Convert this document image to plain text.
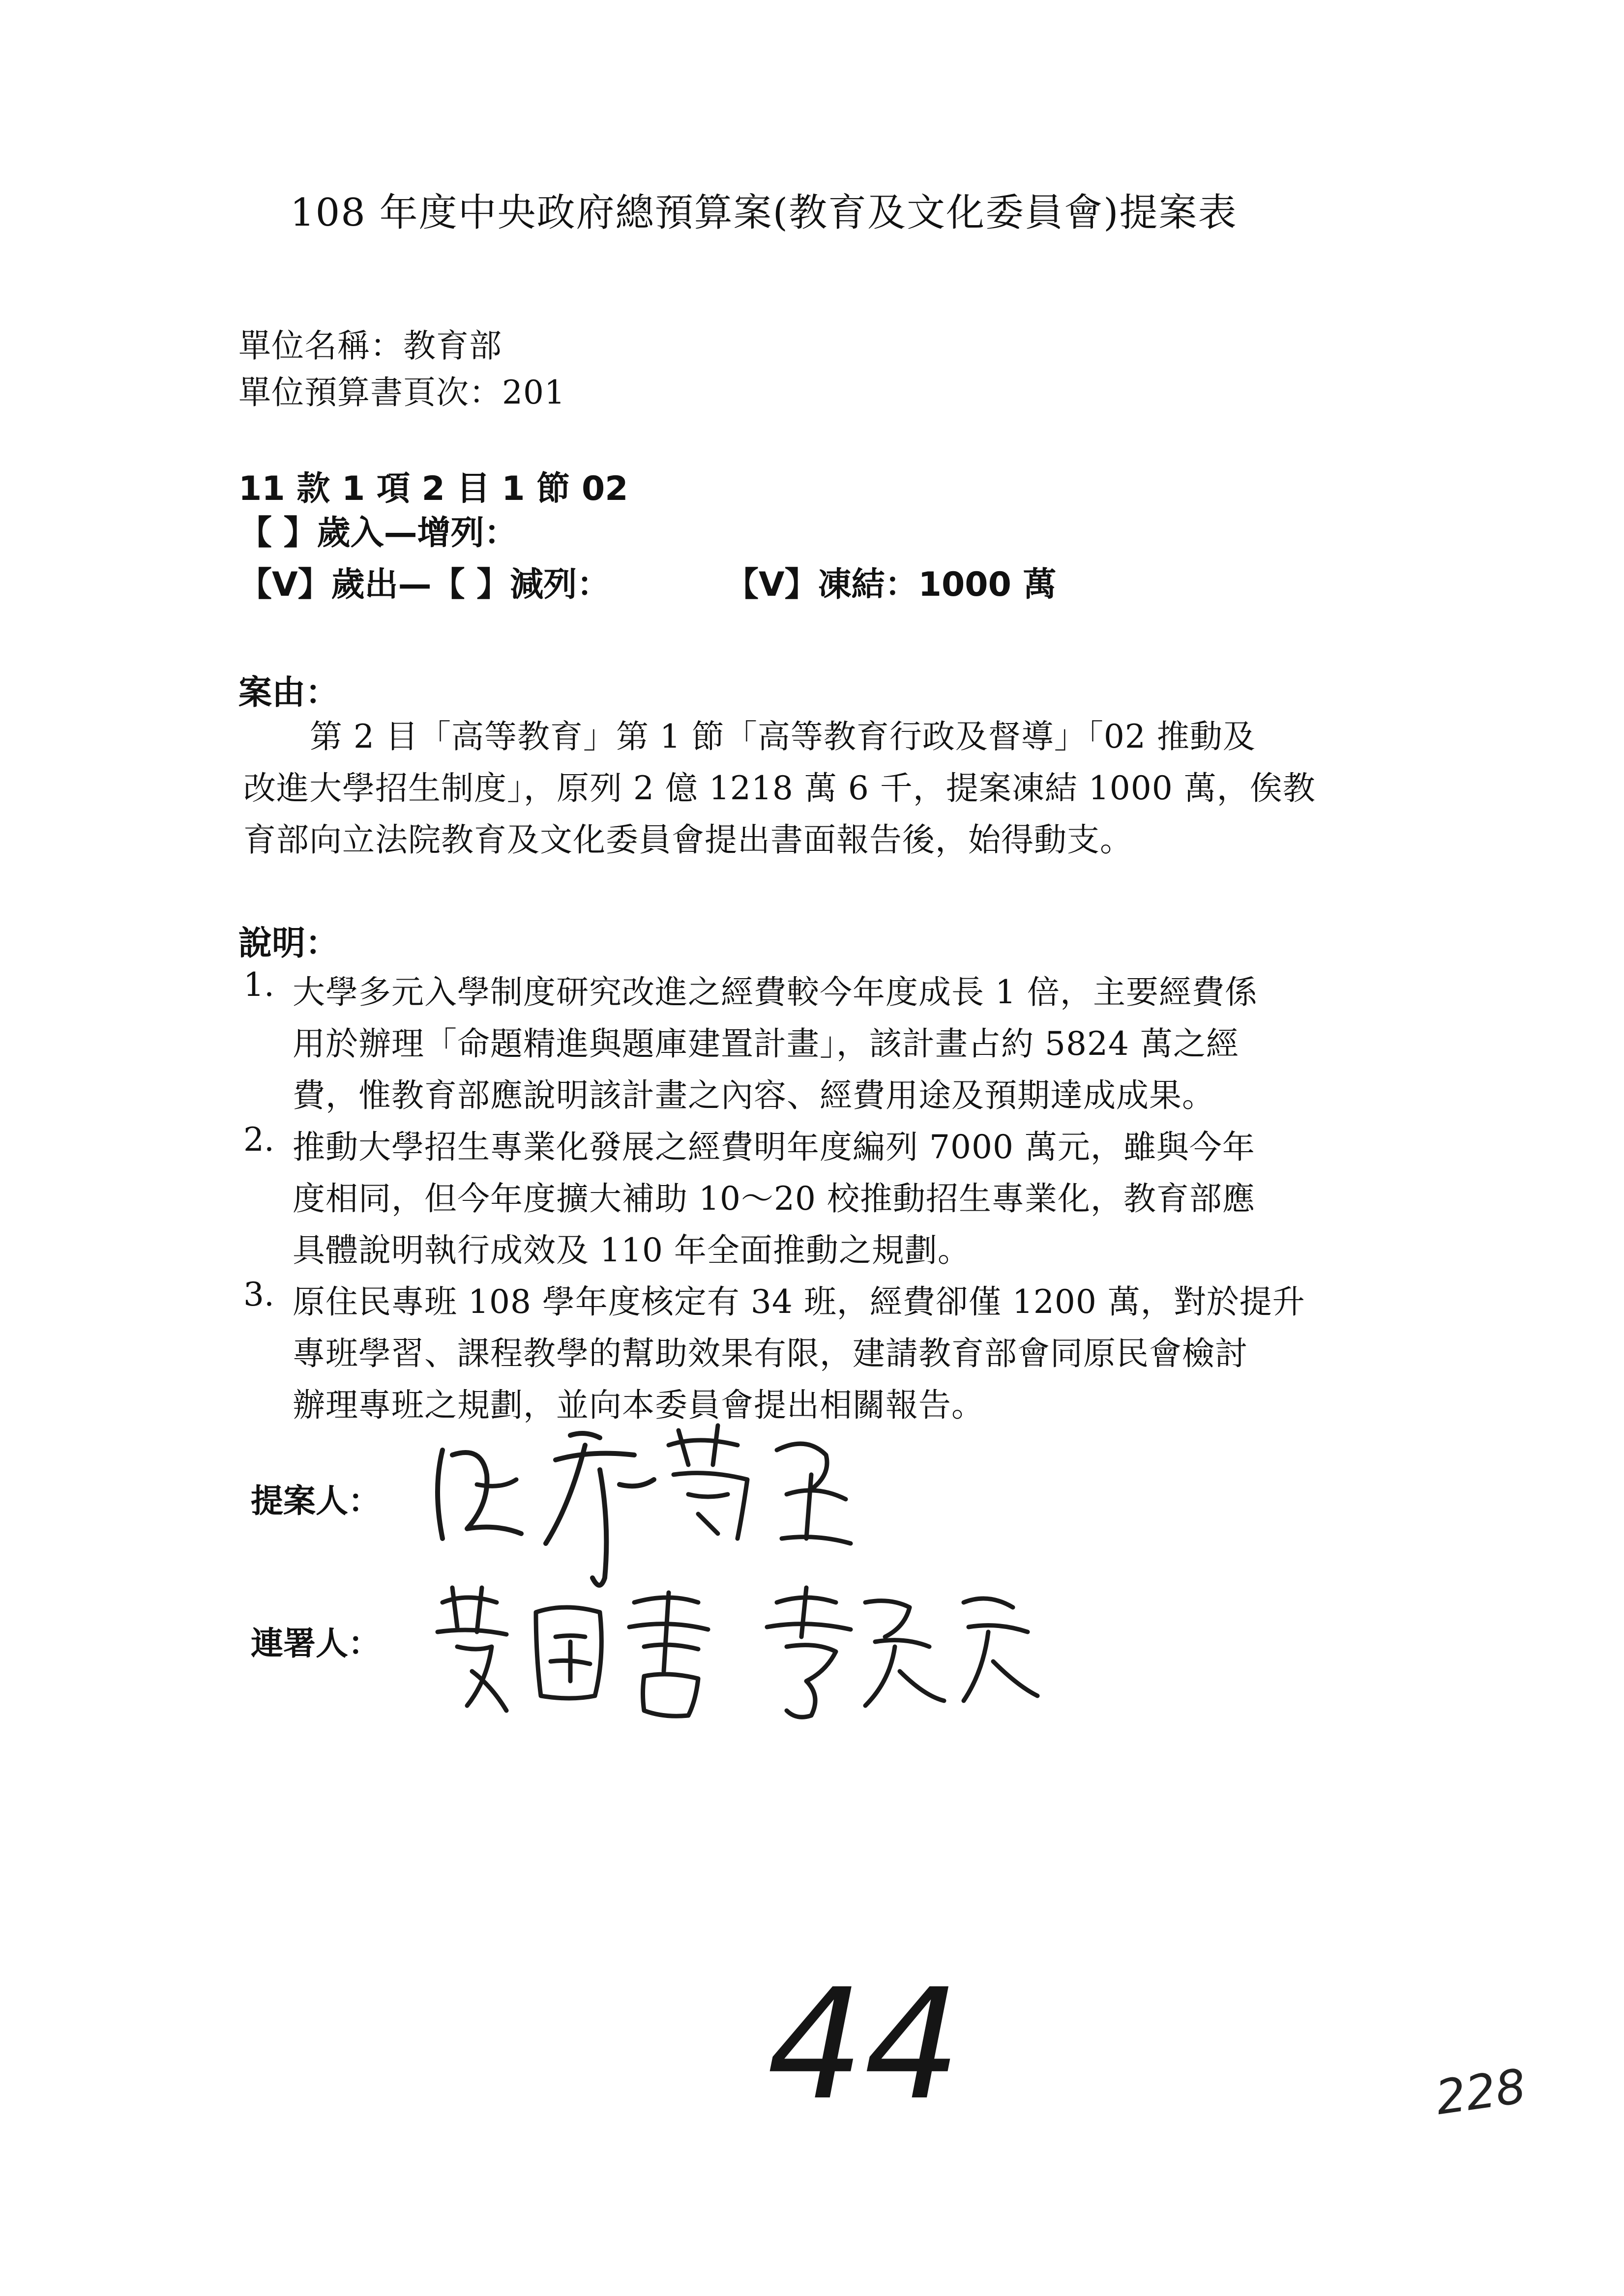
108 年度中央政府總預算案(教育及文化委員會)提案表
單位名稱：教育部
單位預算書頁次：201
11 款 1 項 2 目 1 節 02
【 】歲入—增列：
【V】歲出—【 】減列：	【V】凍結：1000 萬
案由：
第 2 目「高等教育」第 1 節「高等教育行政及督導」「02 推動及
改進大學招生制度」，原列 2 億 1218 萬 6 千，提案凍結 1000 萬，俟教
育部向立法院教育及文化委員會提出書面報告後，始得動支。
說明：
1. 大學多元入學制度研究改進之經費較今年度成長 1 倍，主要經費係
用於辦理「命題精進與題庫建置計畫」，該計畫占約 5824 萬之經
費，惟教育部應說明該計畫之內容、經費用途及預期達成成果。
2. 推動大學招生專業化發展之經費明年度編列 7000 萬元，雖與今年
度相同，但今年度擴大補助 10～20 校推動招生專業化，教育部應
具體說明執行成效及 110 年全面推動之規劃。
3. 原住民專班 108 學年度核定有 34 班，經費卻僅 1200 萬，對於提升
專班學習、課程教學的幫助效果有限，建請教育部會同原民會檢討
辦理專班之規劃，並向本委員會提出相關報告。
提案人：
連署人：
44	228
